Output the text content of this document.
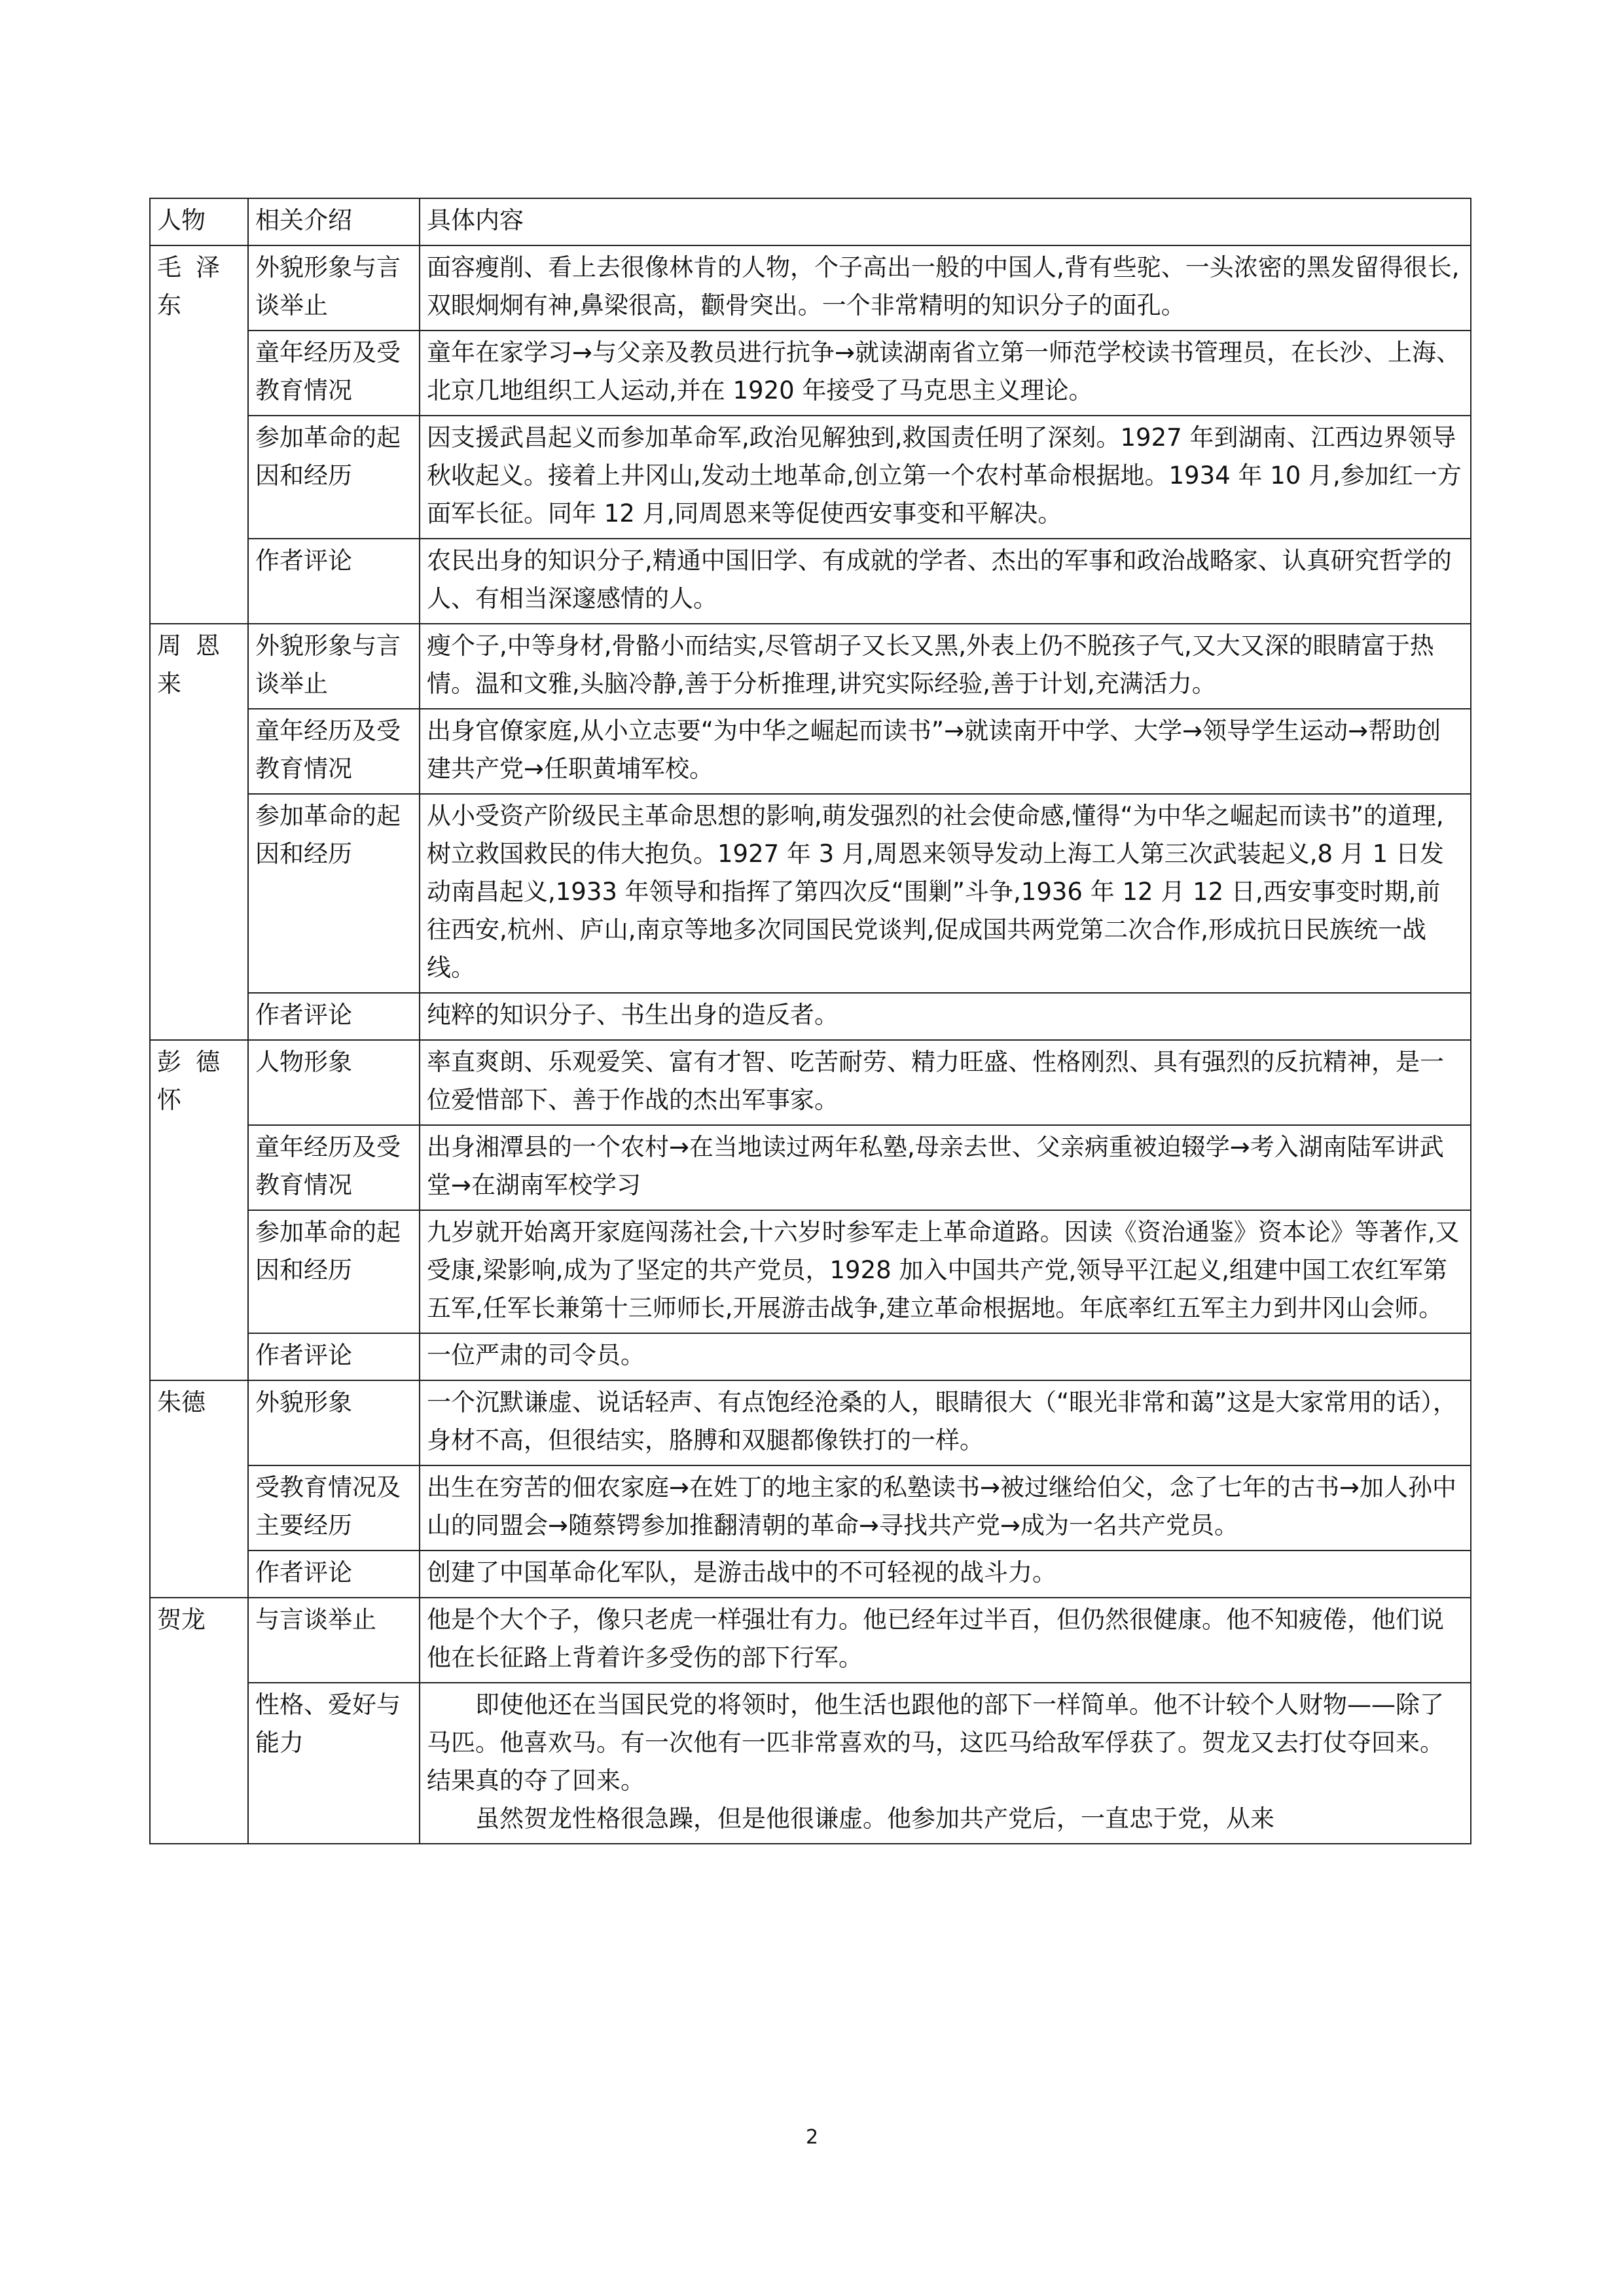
人物	相关介绍	具体内容
毛泽东	外貌形象与言谈举止	面容瘦削、看上去很像林肯的人物，个子高出一般的中国人,背有些驼、一头浓密的黑发留得很长,双眼炯炯有神,鼻梁很高，颧骨突出。一个非常精明的知识分子的面孔。
	童年经历及受教育情况	童年在家学习→与父亲及教员进行抗争→就读湖南省立第一师范学校读书管理员，在长沙、上海、北京几地组织工人运动,并在 1920 年接受了马克思主义理论。
	参加革命的起因和经历	因支援武昌起义而参加革命军,政治见解独到,救国责任明了深刻。1927 年到湖南、江西边界领导秋收起义。接着上井冈山,发动土地革命,创立第一个农村革命根据地。1934 年 10 月,参加红一方面军长征。同年 12 月,同周恩来等促使西安事变和平解决。
	作者评论	农民出身的知识分子,精通中国旧学、有成就的学者、杰出的军事和政治战略家、认真研究哲学的人、有相当深邃感情的人。
周恩来	外貌形象与言谈举止	瘦个子,中等身材,骨骼小而结实,尽管胡子又长又黑,外表上仍不脱孩子气,又大又深的眼睛富于热情。温和文雅,头脑冷静,善于分析推理,讲究实际经验,善于计划,充满活力。
	童年经历及受教育情况	出身官僚家庭,从小立志要“为中华之崛起而读书”→就读南开中学、大学→领导学生运动→帮助创建共产党→任职黄埔军校。
	参加革命的起因和经历	从小受资产阶级民主革命思想的影响,萌发强烈的社会使命感,懂得“为中华之崛起而读书”的道理,树立救国救民的伟大抱负。1927 年 3 月,周恩来领导发动上海工人第三次武装起义,8 月 1 日发动南昌起义,1933 年领导和指挥了第四次反“围剿”斗争,1936 年 12 月 12 日,西安事变时期,前往西安,杭州、庐山,南京等地多次同国民党谈判,促成国共两党第二次合作,形成抗日民族统一战线。
	作者评论	纯粹的知识分子、书生出身的造反者。
彭德怀	人物形象	率直爽朗、乐观爱笑、富有才智、吃苦耐劳、精力旺盛、性格刚烈、具有强烈的反抗精神，是一位爱惜部下、善于作战的杰出军事家。
	童年经历及受教育情况	出身湘潭县的一个农村→在当地读过两年私塾,母亲去世、父亲病重被迫辍学→考入湖南陆军讲武堂→在湖南军校学习
	参加革命的起因和经历	九岁就开始离开家庭闯荡社会,十六岁时参军走上革命道路。因读《资治通鉴》资本论》等著作,又受康,梁影响,成为了坚定的共产党员，1928 加入中国共产党,领导平江起义,组建中国工农红军第五军,任军长兼第十三师师长,开展游击战争,建立革命根据地。年底率红五军主力到井冈山会师。
	作者评论	一位严肃的司令员。
朱德	外貌形象	一个沉默谦虚、说话轻声、有点饱经沧桑的人，眼睛很大（“眼光非常和蔼”这是大家常用的话），身材不高，但很结实，胳膊和双腿都像铁打的一样。
	受教育情况及主要经历	出生在穷苦的佃农家庭→在姓丁的地主家的私塾读书→被过继给伯父，念了七年的古书→加人孙中山的同盟会→随蔡锷参加推翻清朝的革命→寻找共产党→成为一名共产党员。
	作者评论	创建了中国革命化军队，是游击战中的不可轻视的战斗力。
贺龙	与言谈举止	他是个大个子，像只老虎一样强壮有力。他已经年过半百，但仍然很健康。他不知疲倦，他们说他在长征路上背着许多受伤的部下行军。
	性格、爱好与能力	即使他还在当国民党的将领时，他生活也跟他的部下一样简单。他不计较个人财物——除了马匹。他喜欢马。有一次他有一匹非常喜欢的马，这匹马给敌军俘获了。贺龙又去打仗夺回来。结果真的夺了回来。
虽然贺龙性格很急躁，但是他很谦虚。他参加共产党后，一直忠于党，从来
2
